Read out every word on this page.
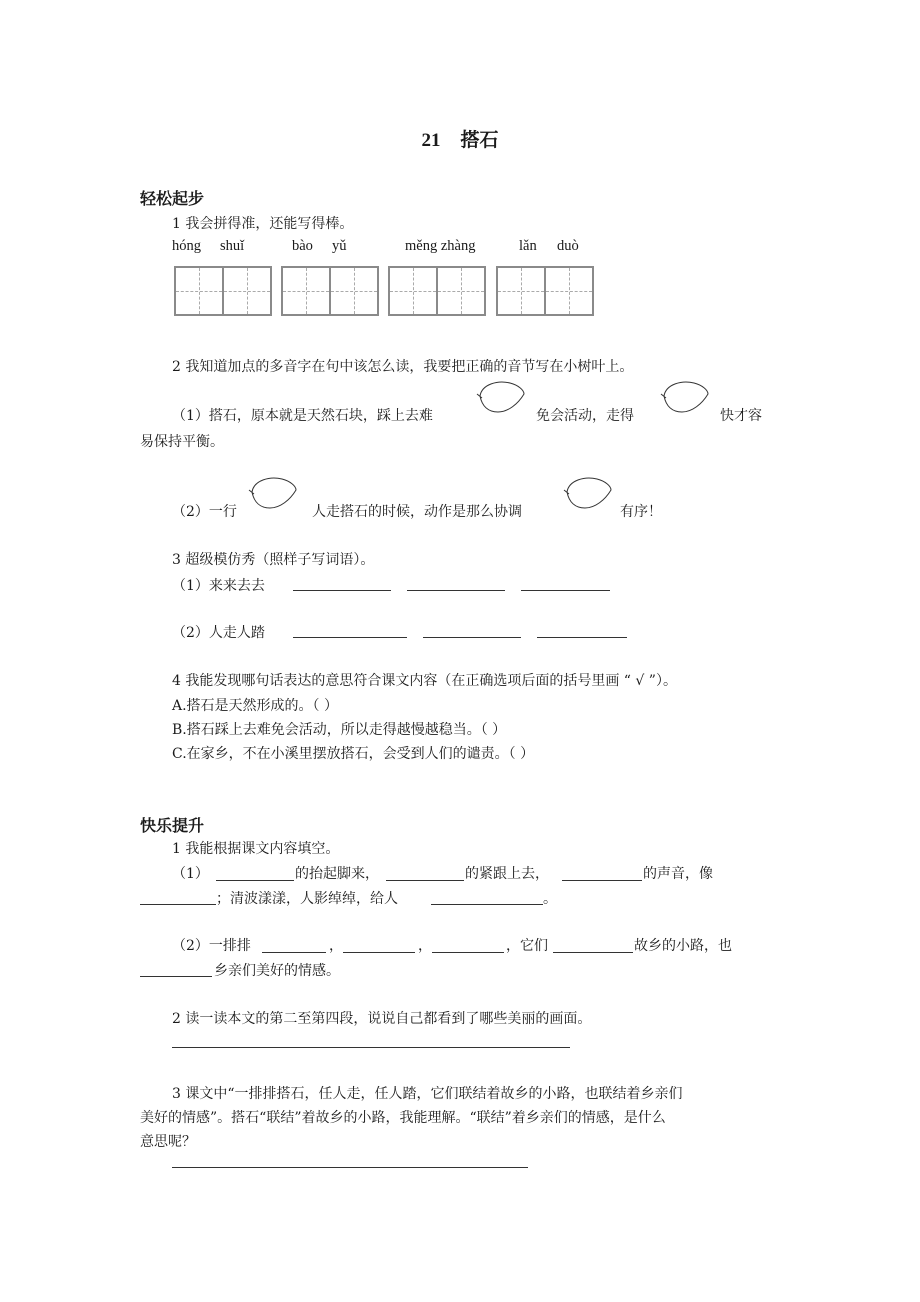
21 搭石
轻松起步
1 我会拼得准，还能写得棒。
hóng shuǐ	bào yǔ	měng zhàng	lǎn duò
2 我知道加点的多音字在句中该怎么读，我要把正确的音节写在小树叶上。
（1）搭石，原本就是天然石块，踩上去难	免会活动，走得	快才容
易保持平衡。
（2）一行	人走搭石的时候，动作是那么协调	有序！
3 超级模仿秀（照样子写词语）。
（1）来来去去
（2）人走人踏
4 我能发现哪句话表达的意思符合课文内容（在正确选项后面的括号里画 “ √ ”）。
A.搭石是天然形成的。（ ）
B.搭石踩上去难免会活动，所以走得越慢越稳当。（ ）
C.在家乡，不在小溪里摆放搭石，会受到人们的谴责。（ ）
快乐提升
1 我能根据课文内容填空。
（1）	的抬起脚来，	的紧跟上去，	的声音，像
；清波漾漾，人影绰绰，给人	。
（2）一排排	，	，	，它们	故乡的小路，也
乡亲们美好的情感。
2 读一读本文的第二至第四段，说说自己都看到了哪些美丽的画面。
3 课文中“一排排搭石，任人走，任人踏，它们联结着故乡的小路，也联结着乡亲们
美好的情感”。搭石“联结”着故乡的小路，我能理解。“联结”着乡亲们的情感，是什么
意思呢？
